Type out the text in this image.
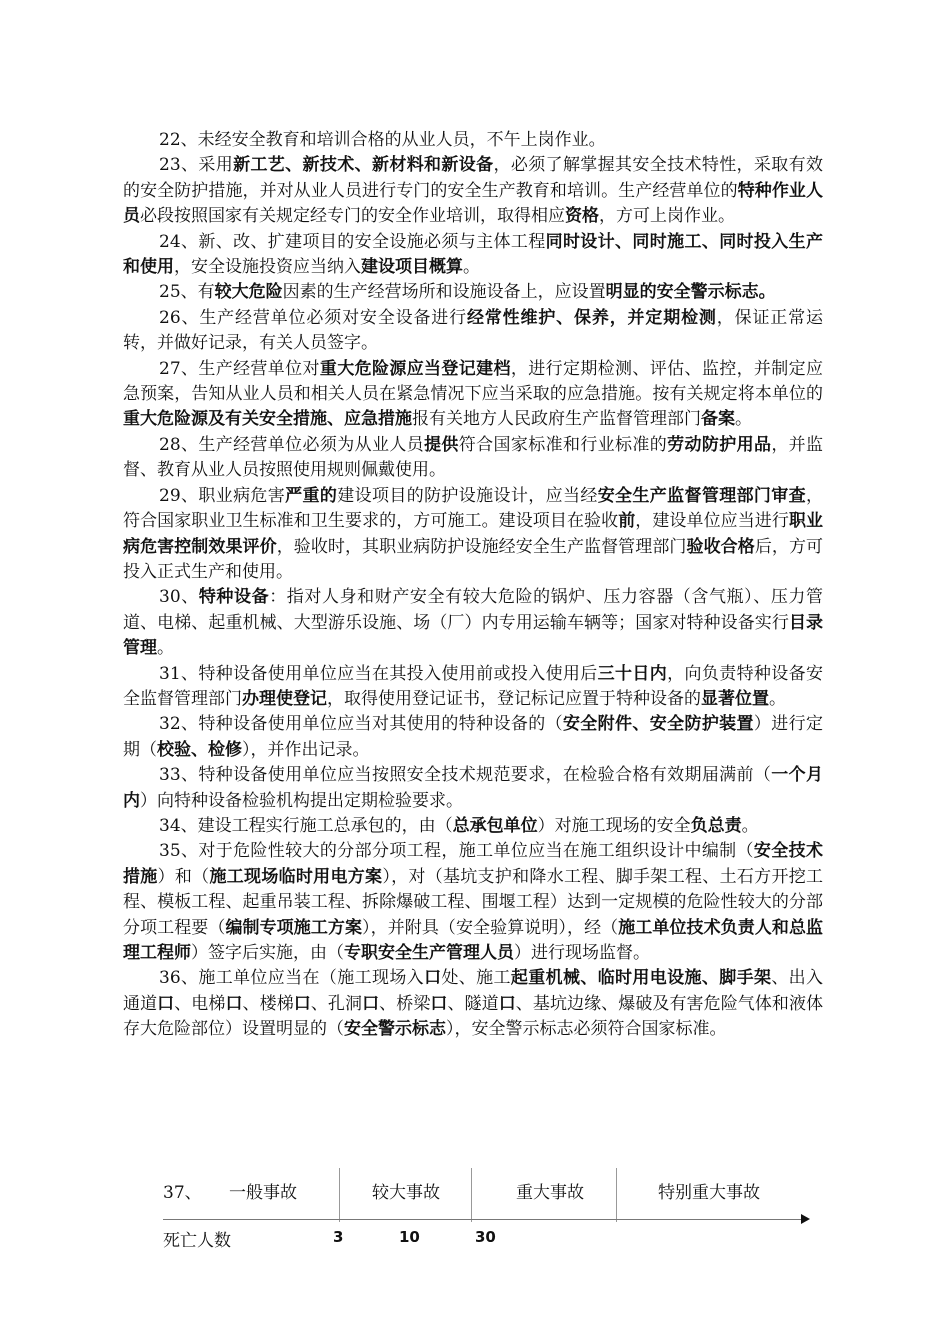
22、未经安全教育和培训合格的从业人员，不午上岗作业。

23、采用新工艺、新技术、新材料和新设备，必须了解掌握其安全技术特性，采取有效的安全防护措施，并对从业人员进行专门的安全生产教育和培训。生产经营单位的特种作业人员必段按照国家有关规定经专门的安全作业培训，取得相应资格，方可上岗作业。

24、新、改、扩建项目的安全设施必须与主体工程同时设计、同时施工、同时投入生产和使用，安全设施投资应当纳入建设项目概算。

25、有较大危险因素的生产经营场所和设施设备上，应设置明显的安全警示标志。

26、生产经营单位必须对安全设备进行经常性维护、保养，并定期检测，保证正常运转，并做好记录，有关人员签字。

27、生产经营单位对重大危险源应当登记建档，进行定期检测、评估、监控，并制定应急预案，告知从业人员和相关人员在紧急情况下应当采取的应急措施。按有关规定将本单位的重大危险源及有关安全措施、应急措施报有关地方人民政府生产监督管理部门备案。

28、生产经营单位必须为从业人员提供符合国家标准和行业标准的劳动防护用品，并监督、教育从业人员按照使用规则佩戴使用。

29、职业病危害严重的建设项目的防护设施设计，应当经安全生产监督管理部门审查，符合国家职业卫生标准和卫生要求的，方可施工。建设项目在验收前，建设单位应当进行职业病危害控制效果评价，验收时，其职业病防护设施经安全生产监督管理部门验收合格后，方可投入正式生产和使用。

30、特种设备：指对人身和财产安全有较大危险的锅炉、压力容器（含气瓶）、压力管道、电梯、起重机械、大型游乐设施、场（厂）内专用运输车辆等；国家对特种设备实行目录管理。

31、特种设备使用单位应当在其投入使用前或投入使用后三十日内，向负责特种设备安全监督管理部门办理使登记，取得使用登记证书，登记标记应置于特种设备的显著位置。

32、特种设备使用单位应当对其使用的特种设备的（安全附件、安全防护装置）进行定期（校验、检修），并作出记录。

33、特种设备使用单位应当按照安全技术规范要求，在检验合格有效期届满前（一个月内）向特种设备检验机构提出定期检验要求。

34、建设工程实行施工总承包的，由（总承包单位）对施工现场的安全负总责。

35、对于危险性较大的分部分项工程，施工单位应当在施工组织设计中编制（安全技术措施）和（施工现场临时用电方案），对（基坑支护和降水工程、脚手架工程、土石方开挖工程、模板工程、起重吊装工程、拆除爆破工程、围堰工程）达到一定规模的危险性较大的分部分项工程要（编制专项施工方案），并附具（安全验算说明），经（施工单位技术负责人和总监理工程师）签字后实施，由（专职安全生产管理人员）进行现场监督。

36、施工单位应当在（施工现场入口处、施工起重机械、临时用电设施、脚手架、出入通道口、电梯口、楼梯口、孔洞口、桥梁口、隧道口、基坑边缘、爆破及有害危险气体和液体存大危险部位）设置明显的（安全警示标志），安全警示标志必须符合国家标准。

37、 一般事故	较大事故	重大事故	特别重大事故
死亡人数	3	10	30
